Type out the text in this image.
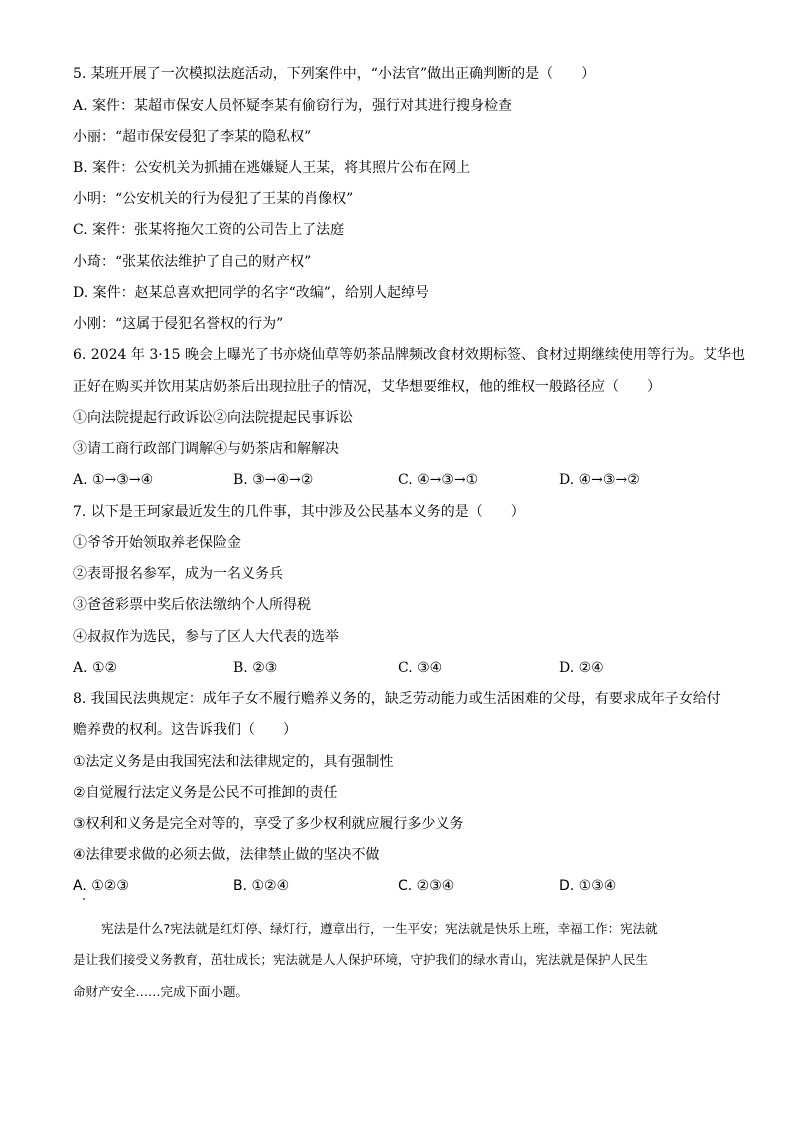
5. 某班开展了一次模拟法庭活动，下列案件中，“小法官”做出正确判断的是（　　）
A. 案件：某超市保安人员怀疑李某有偷窃行为，强行对其进行搜身检查
小丽：“超市保安侵犯了李某的隐私权”
B. 案件：公安机关为抓捕在逃嫌疑人王某，将其照片公布在网上
小明：“公安机关的行为侵犯了王某的肖像权”
C. 案件：张某将拖欠工资的公司告上了法庭
小琦：“张某依法维护了自己的财产权”
D. 案件：赵某总喜欢把同学的名字“改编”，给别人起绰号
小刚：“这属于侵犯名誉权的行为”
6. 2024 年 3·15 晚会上曝光了书亦烧仙草等奶茶品牌频改食材效期标签、食材过期继续使用等行为。艾华也
正好在购买并饮用某店奶茶后出现拉肚子的情况，艾华想要维权，他的维权一般路径应（　　）
①向法院提起行政诉讼②向法院提起民事诉讼
③请工商行政部门调解④与奶茶店和解解决
A. ①→③→④	B. ③→④→②	C. ④→③→①	D. ④→③→②
7. 以下是王珂家最近发生的几件事，其中涉及公民基本义务的是（　　）
①爷爷开始领取养老保险金
②表哥报名参军，成为一名义务兵
③爸爸彩票中奖后依法缴纳个人所得税
④叔叔作为选民，参与了区人大代表的选举
A. ①②	B. ②③	C. ③④	D. ②④
8. 我国民法典规定：成年子女不履行赡养义务的，缺乏劳动能力或生活困难的父母，有要求成年子女给付
赡养费的权利。这告诉我们（　　）
①法定义务是由我国宪法和法律规定的，具有强制性
②自觉履行法定义务是公民不可推卸的责任
③权利和义务是完全对等的，享受了多少权利就应履行多少义务
④法律要求做的必须去做，法律禁止做的坚决不做
A. ①②③	B. ①②④	C. ②③④	D. ①③④
宪法是什么?宪法就是红灯停、绿灯行，遵章出行，一生平安；宪法就是快乐上班，幸福工作：宪法就
是让我们接受义务教育，茁壮成长；宪法就是人人保护环境，守护我们的绿水青山，宪法就是保护人民生
命财产安全……完成下面小题。
